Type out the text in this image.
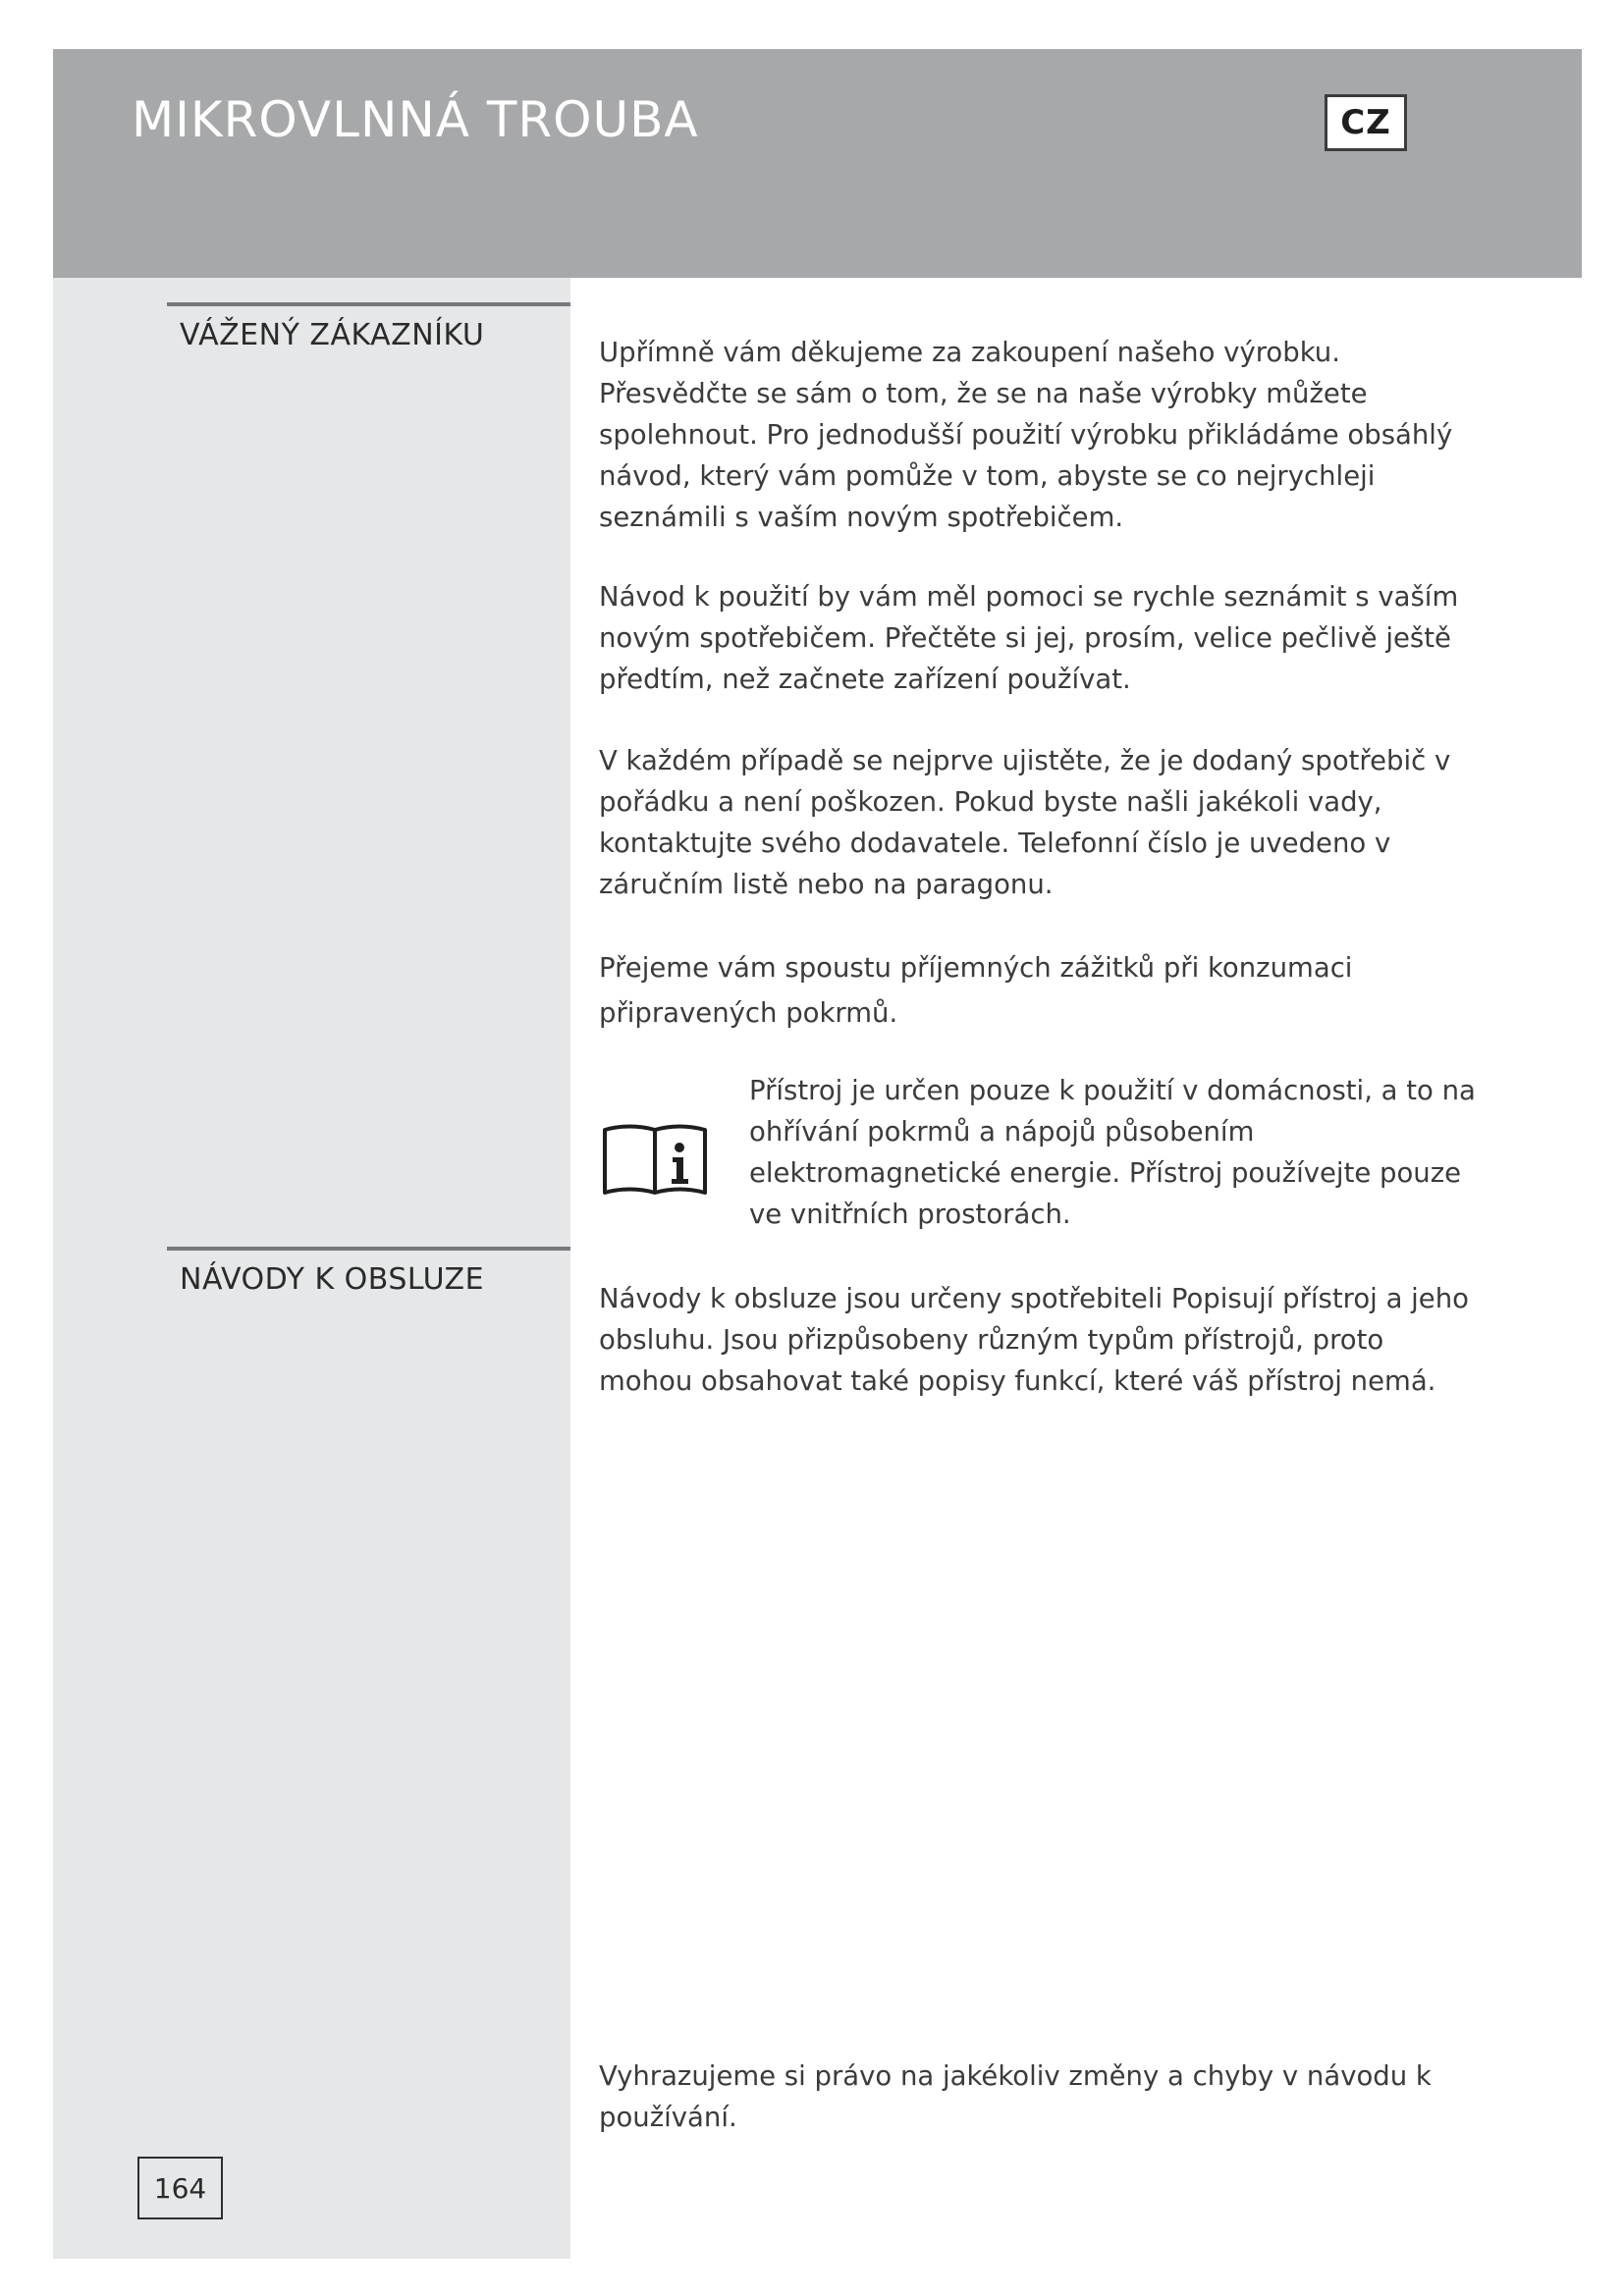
MIKROVLNNÁ TROUBA	CZ
VÁŽENÝ ZÁKAZNÍKU
NÁVODY K OBSLUZE

Upřímně vám děkujeme za zakoupení našeho výrobku. Přesvědčte se sám o tom, že se na naše výrobky můžete spolehnout. Pro jednodušší použití výrobku přikládáme obsáhlý návod, který vám pomůže v tom, abyste se co nejrychleji seznámili s vaším novým spotřebičem.

Návod k použití by vám měl pomoci se rychle seznámit s vaším novým spotřebičem. Přečtěte si jej, prosím, velice pečlivě ještě předtím, než začnete zařízení používat.

V každém případě se nejprve ujistěte, že je dodaný spotřebič v pořádku a není poškozen. Pokud byste našli jakékoli vady, kontaktujte svého dodavatele. Telefonní číslo je uvedeno v záručním listě nebo na paragonu.

Přejeme vám spoustu příjemných zážitků při konzumaci připravených pokrmů.

Přístroj je určen pouze k použití v domácnosti, a to na ohřívání pokrmů a nápojů působením elektromagnetické energie. Přístroj používejte pouze ve vnitřních prostorách.

Návody k obsluze jsou určeny spotřebiteli Popisují přístroj a jeho obsluhu. Jsou přizpůsobeny různým typům přístrojů, proto mohou obsahovat také popisy funkcí, které váš přístroj nemá.

Vyhrazujeme si právo na jakékoliv změny a chyby v návodu k používání.

164
